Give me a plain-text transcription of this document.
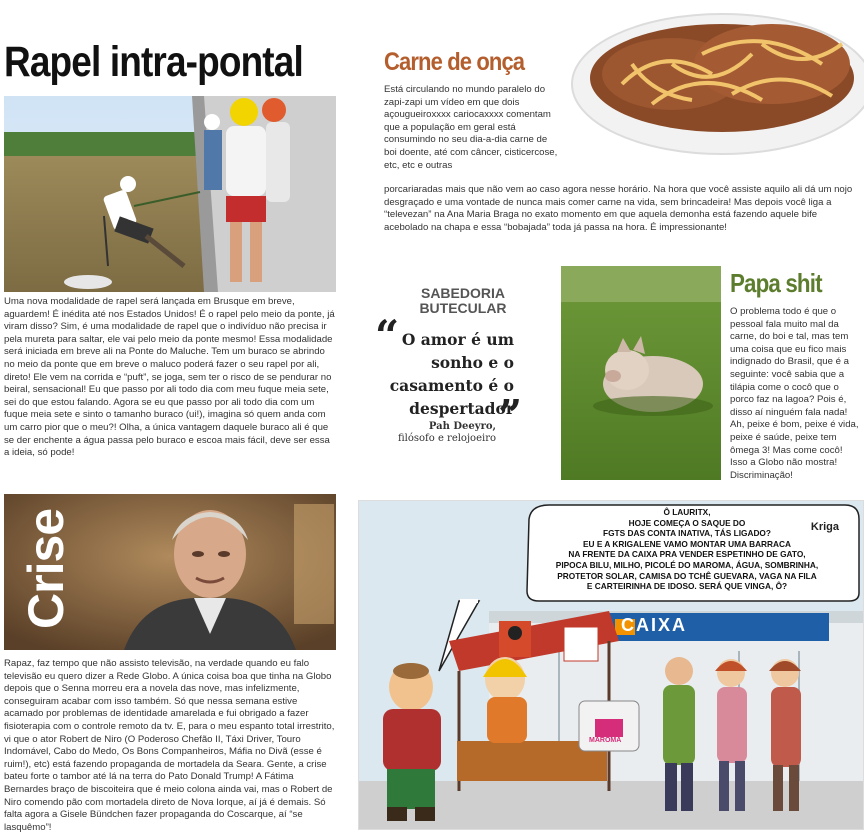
Rapel intra-pontal
Uma nova modalidade de rapel será lançada em Brusque em breve, aguardem! É inédita até nos Estados Unidos! É o rapel pelo meio da ponte, já viram disso? Sim, é uma modalidade de rapel que o indivíduo não precisa ir pela mureta para saltar, ele vai pelo meio da ponte mesmo! Essa modalidade será iniciada em breve ali na Ponte do Maluche. Tem um buraco se abrindo no meio da ponte que em breve o maluco poderá fazer o seu rapel por ali, direto! Ele vem na corrida e “puft”, se joga, sem ter o risco de se pendurar no beiral, sensacional! Eu que passo por ali todo dia com meu fuque meia sete, sei do que estou falando. Agora se eu que passo por ali todo dia com um fuque meia sete e sinto o tamanho buraco (ui!), imagina só quem anda com um carro pior que o meu?! Olha, a única vantagem daquele buraco ali é que se der enchente a água passa pelo buraco e escoa mais fácil, deve ser essa a ideia, só pode!
Carne de onça
Está circulando no mundo paralelo do zapi-zapi um vídeo em que dois açougueiroxxxx cariocaxxxx comentam que a população em geral está consumindo no seu dia-a-dia carne de boi doente, até com câncer, cisticercose, etc, etc e outras
porcariaradas mais que não vem ao caso agora nesse horário. Na hora que você assiste aquilo ali dá um nojo desgraçado e uma vontade de nunca mais comer carne na vida, sem brincadeira! Mas depois você liga a “televezan” na Ana Maria Braga no exato momento em que aquela demonha está fazendo aquele bife acebolado na chapa e essa “bobajada” toda já passa na hora. É impressionante!
SABEDORIA
BUTECULAR
“ O amor é um sonho e o casamento é o despertador
”
Pah Deeyro,
filósofo e relojoeiro
Papa shit
O problema todo é que o pessoal fala muito mal da carne, do boi e tal, mas tem uma coisa que eu fico mais indignado do Brasil, que é a seguinte: você sabia que a tilápia come o cocô que o porco faz na lagoa? Pois é, disso aí ninguém fala nada! Ah, peixe é bom, peixe é vida, peixe é saúde, peixe tem ômega 3! Mas come cocô! Isso a Globo não mostra! Discriminação!
Crise
Rapaz, faz tempo que não assisto televisão, na verdade quando eu falo televisão eu quero dizer a Rede Globo. A única coisa boa que tinha na Globo depois que o Senna morreu era a novela das nove, mas infelizmente, conseguiram acabar com isso também. Só que nessa semana estive acamado por problemas de identidade amarelada e fui obrigado a fazer fisioterapia com o controle remoto da tv. E, para o meu espanto total irrestrito, vi que o ator Robert de Niro (O Poderoso Chefão II, Táxi Driver, Touro Indomável, Cabo do Medo, Os Bons Companheiros, Máfia no Divã (esse é ruim!), etc) está fazendo propaganda de mortadela da Seara. Gente, a crise bateu forte o tambor até lá na terra do Pato Donald Trump! A Fátima Bernardes braço de biscoiteira que é meio colona ainda vai, mas o Robert de Niro comendo pão com mortadela direto de Nova Iorque, aí já é demais. Só falta agora a Gisele Bündchen fazer propaganda do Coscarque, aí “se lasquêmo”!
Ô LAURITX,
HOJE COMEÇA O SAQUE DO
FGTS DAS CONTA INATIVA, TÁS LIGADO?
EU E A KRIGALENE VAMO MONTAR UMA BARRACA
NA FRENTE DA CAIXA PRA VENDER ESPETINHO DE GATO,
PIPOCA BILU, MILHO, PICOLÉ DO MAROMA, ÁGUA, SOMBRINHA,
PROTETOR SOLAR, CAMISA DO TCHÊ GUEVARA, VAGA NA FILA
E CARTEIRINHA DE IDOSO. SERÁ QUE VINGA, Ô?
Kriga
CAIXA
MAROMA
